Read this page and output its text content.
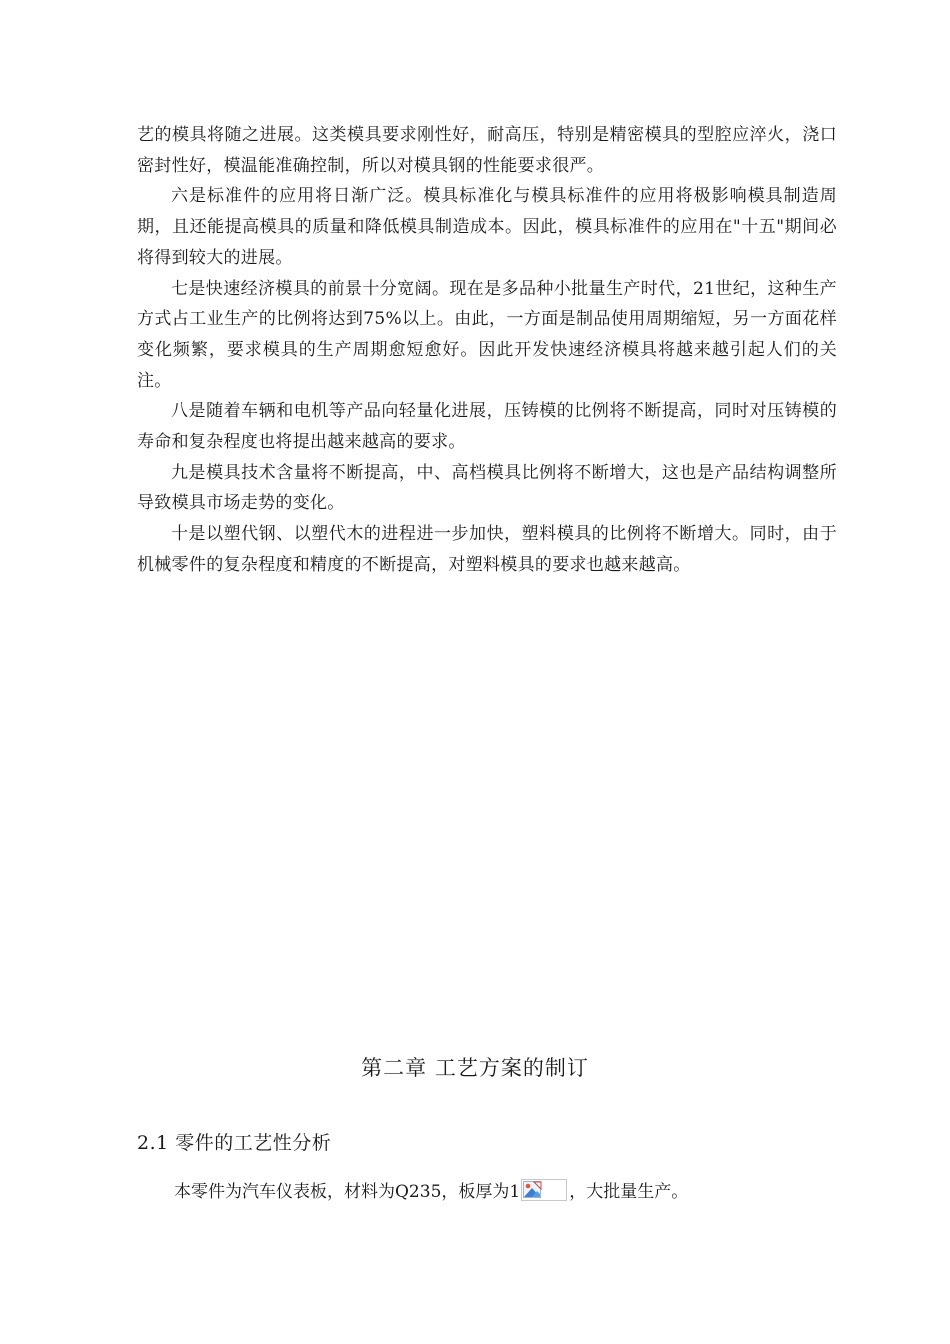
艺的模具将随之进展。这类模具要求刚性好，耐高压，特别是精密模具的型腔应淬火，浇口密封性好，模温能准确控制，所以对模具钢的性能要求很严。

六是标准件的应用将日渐广泛。模具标准化与模具标准件的应用将极影响模具制造周期，且还能提高模具的质量和降低模具制造成本。因此，模具标准件的应用在"十五"期间必将得到较大的进展。

七是快速经济模具的前景十分宽阔。现在是多品种小批量生产时代，21世纪，这种生产方式占工业生产的比例将达到75%以上。由此，一方面是制品使用周期缩短，另一方面花样变化频繁，要求模具的生产周期愈短愈好。因此开发快速经济模具将越来越引起人们的关注。

八是随着车辆和电机等产品向轻量化进展，压铸模的比例将不断提高，同时对压铸模的寿命和复杂程度也将提出越来越高的要求。

九是模具技术含量将不断提高，中、高档模具比例将不断增大，这也是产品结构调整所导致模具市场走势的变化。

十是以塑代钢、以塑代木的进程进一步加快，塑料模具的比例将不断增大。同时，由于机械零件的复杂程度和精度的不断提高，对塑料模具的要求也越来越高。

第二章 工艺方案的制订
2.1 零件的工艺性分析

本零件为汽车仪表板，材料为Q235，板厚为1	，大批量生产。
